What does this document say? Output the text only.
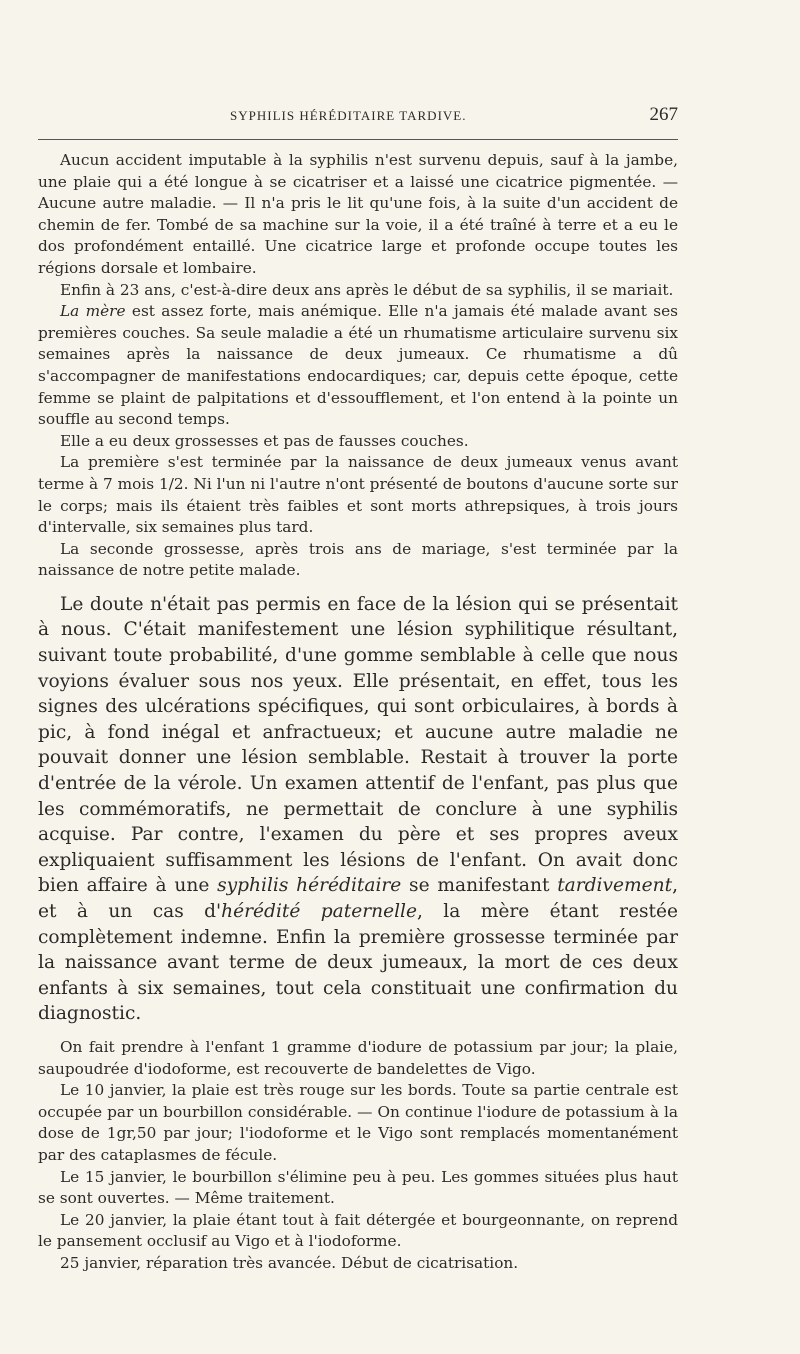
SYPHILIS HÉRÉDITAIRE TARDIVE.	267

Aucun accident imputable à la syphilis n'est survenu depuis, sauf à la jambe, une plaie qui a été longue à se cicatriser et a laissé une cicatrice pigmentée. — Aucune autre maladie. — Il n'a pris le lit qu'une fois, à la suite d'un accident de chemin de fer. Tombé de sa machine sur la voie, il a été traîné à terre et a eu le dos profondément entaillé. Une cicatrice large et profonde occupe toutes les régions dorsale et lombaire.

Enfin à 23 ans, c'est-à-dire deux ans après le début de sa syphilis, il se mariait.

La mère est assez forte, mais anémique. Elle n'a jamais été malade avant ses premières couches. Sa seule maladie a été un rhumatisme articulaire survenu six semaines après la naissance de deux jumeaux. Ce rhumatisme a dû s'accompagner de manifestations endocardiques; car, depuis cette époque, cette femme se plaint de palpitations et d'essoufflement, et l'on entend à la pointe un souffle au second temps.

Elle a eu deux grossesses et pas de fausses couches.

La première s'est terminée par la naissance de deux jumeaux venus avant terme à 7 mois 1/2. Ni l'un ni l'autre n'ont présenté de boutons d'aucune sorte sur le corps; mais ils étaient très faibles et sont morts athrepsiques, à trois jours d'intervalle, six semaines plus tard.

La seconde grossesse, après trois ans de mariage, s'est terminée par la naissance de notre petite malade.

Le doute n'était pas permis en face de la lésion qui se présentait à nous. C'était manifestement une lésion syphilitique résultant, suivant toute probabilité, d'une gomme semblable à celle que nous voyions évaluer sous nos yeux. Elle présentait, en effet, tous les signes des ulcérations spécifiques, qui sont orbiculaires, à bords à pic, à fond inégal et anfractueux; et aucune autre maladie ne pouvait donner une lésion semblable. Restait à trouver la porte d'entrée de la vérole. Un examen attentif de l'enfant, pas plus que les commémoratifs, ne permettait de conclure à une syphilis acquise. Par contre, l'examen du père et ses propres aveux expliquaient suffisamment les lésions de l'enfant. On avait donc bien affaire à une syphilis héréditaire se manifestant tardivement, et à un cas d'hérédité paternelle, la mère étant restée complètement indemne. Enfin la première grossesse terminée par la naissance avant terme de deux jumeaux, la mort de ces deux enfants à six semaines, tout cela constituait une confirmation du diagnostic.

On fait prendre à l'enfant 1 gramme d'iodure de potassium par jour; la plaie, saupoudrée d'iodoforme, est recouverte de bandelettes de Vigo.

Le 10 janvier, la plaie est très rouge sur les bords. Toute sa partie centrale est occupée par un bourbillon considérable. — On continue l'iodure de potassium à la dose de 1gr,50 par jour; l'iodoforme et le Vigo sont remplacés momentanément par des cataplasmes de fécule.

Le 15 janvier, le bourbillon s'élimine peu à peu. Les gommes situées plus haut se sont ouvertes. — Même traitement.

Le 20 janvier, la plaie étant tout à fait détergée et bourgeonnante, on reprend le pansement occlusif au Vigo et à l'iodoforme.

25 janvier, réparation très avancée. Début de cicatrisation.
